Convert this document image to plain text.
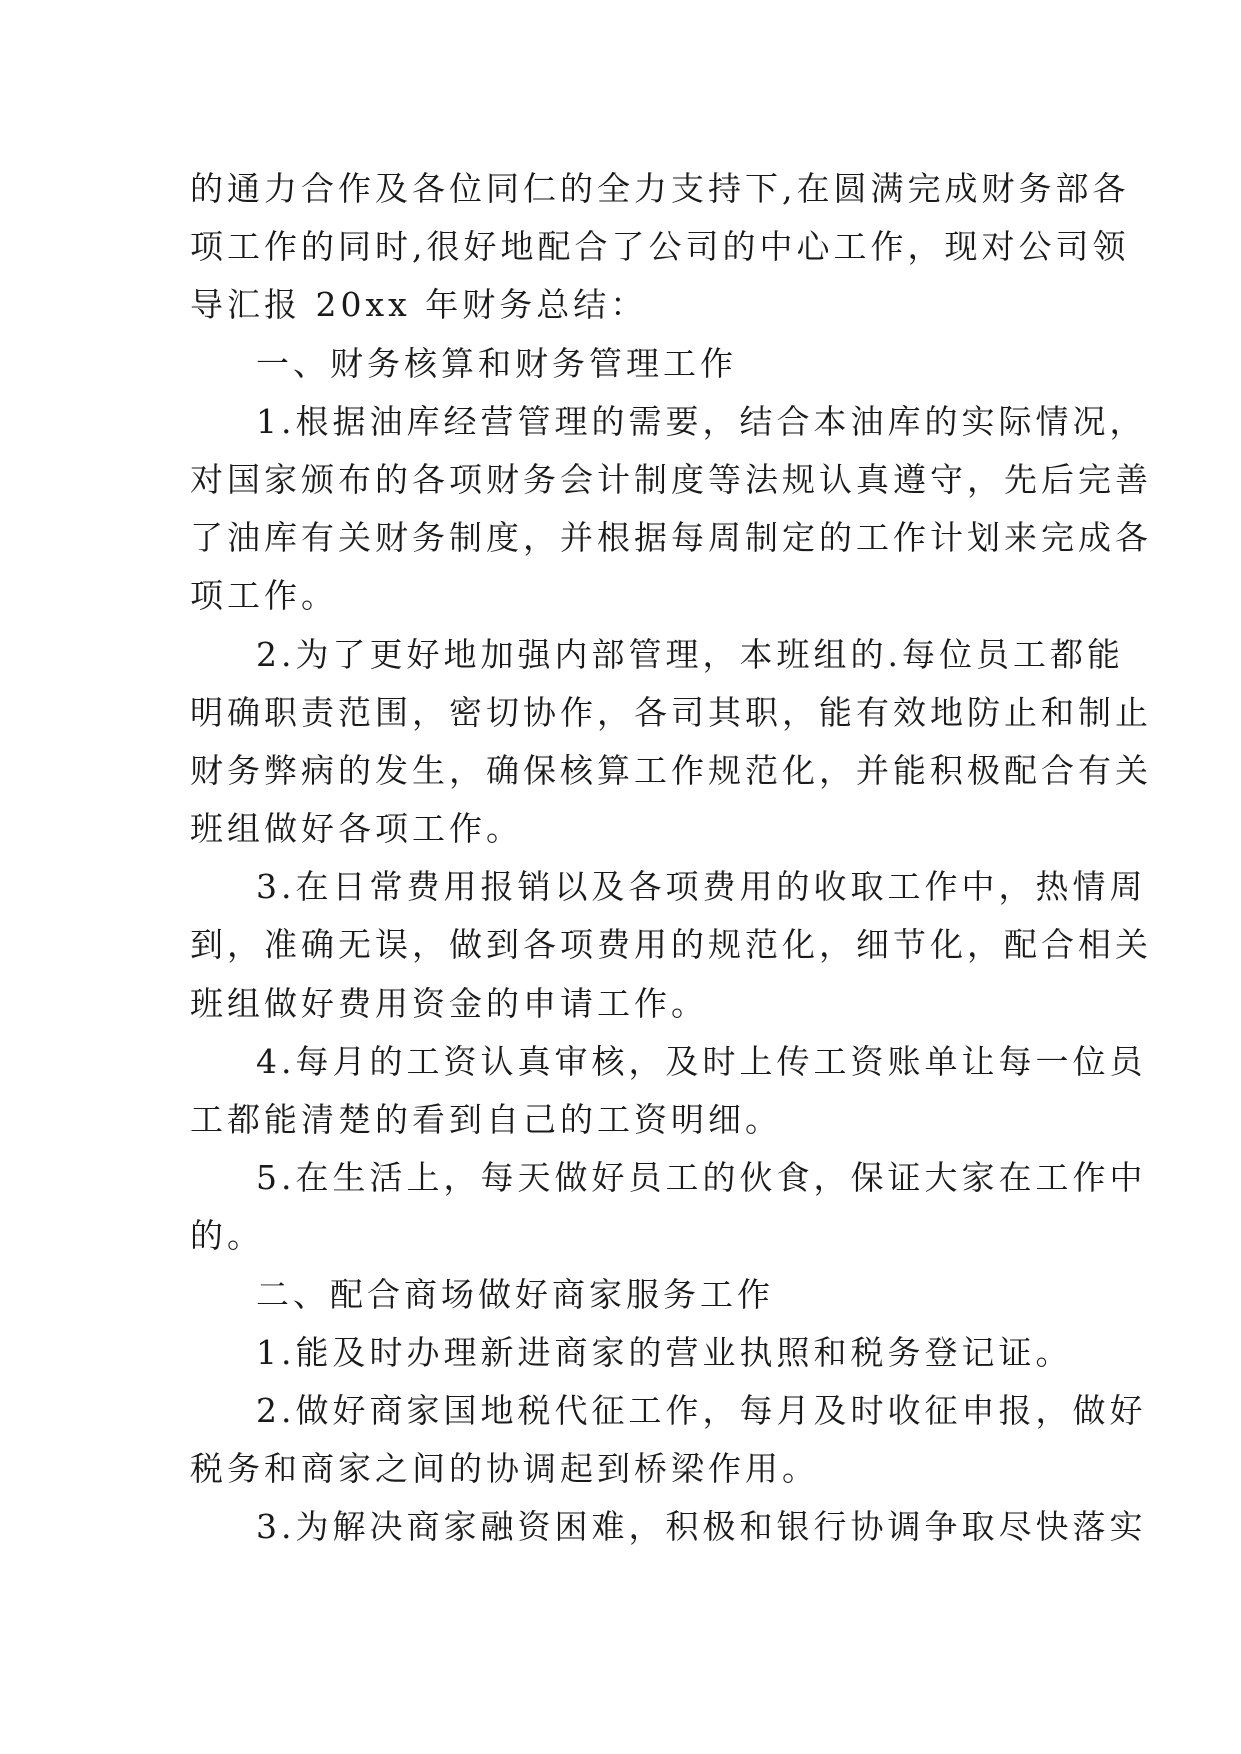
的通力合作及各位同仁的全力支持下,在圆满完成财务部各
项工作的同时,很好地配合了公司的中心工作，现对公司领
导汇报 20xx 年财务总结：
一、财务核算和财务管理工作
1.根据油库经营管理的需要，结合本油库的实际情况，
对国家颁布的各项财务会计制度等法规认真遵守，先后完善
了油库有关财务制度，并根据每周制定的工作计划来完成各
项工作。
2.为了更好地加强内部管理，本班组的.每位员工都能
明确职责范围，密切协作，各司其职，能有效地防止和制止
财务弊病的发生，确保核算工作规范化，并能积极配合有关
班组做好各项工作。
3.在日常费用报销以及各项费用的收取工作中，热情周
到，准确无误，做到各项费用的规范化，细节化，配合相关
班组做好费用资金的申请工作。
4.每月的工资认真审核，及时上传工资账单让每一位员
工都能清楚的看到自己的工资明细。
5.在生活上，每天做好员工的伙食，保证大家在工作中
的。
二、配合商场做好商家服务工作
1.能及时办理新进商家的营业执照和税务登记证。
2.做好商家国地税代征工作，每月及时收征申报，做好
税务和商家之间的协调起到桥梁作用。
3.为解决商家融资困难，积极和银行协调争取尽快落实
